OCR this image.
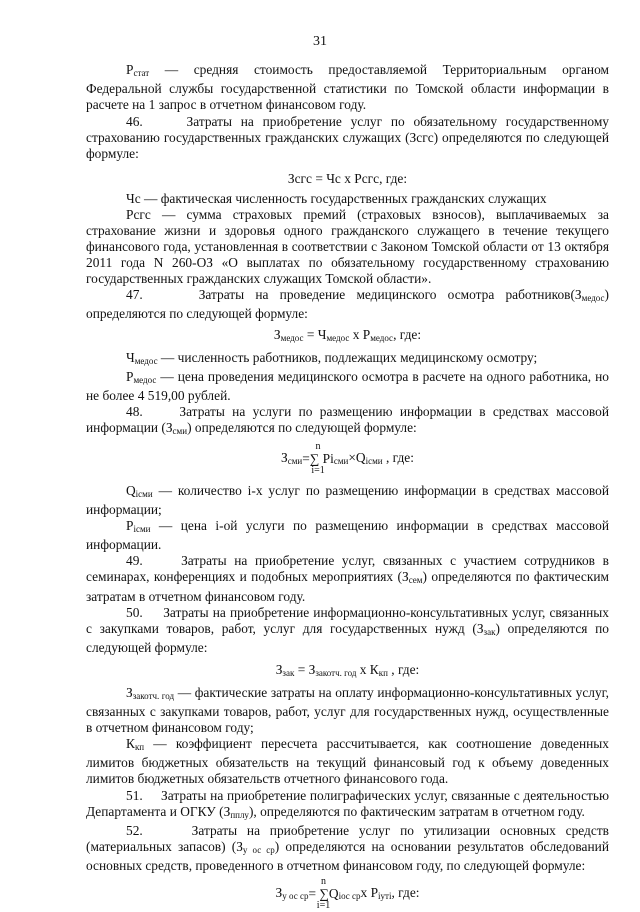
31

Рстат — средняя стоимость предоставляемой Территориальным органом Федеральной службы государственной статистики по Томской области информации в расчете на 1 запрос в отчетном финансовом году.

46.     Затраты на приобретение услуг по обязательному государственному страхованию государственных гражданских служащих (Зсгс) определяются по следующей формуле:

Зсгс = Чс х Рсгс, где:

Чс — фактическая численность государственных гражданских служащих

Рсгс — сумма страховых премий (страховых взносов), выплачиваемых за страхование жизни и здоровья одного гражданского служащего в течение текущего финансового года, установленная в соответствии с Законом Томской области от 13 октября 2011 года N 260-ОЗ «О выплатах по обязательному государственному страхованию государственных гражданских служащих Томской области».

47.     Затраты на проведение медицинского осмотра работников(Змедос) определяются по следующей формуле:

Змедос = Чмедос х Рмедос, где:

Чмедос — численность работников, подлежащих медицинскому осмотру;

Рмедос — цена проведения медицинского осмотра в расчете на одного работника, но не более 4 519,00 рублей.

48.     Затраты на услуги по размещению информации в средствах массовой информации (Зсми) определяются по следующей формуле:

Зсми
n
=∑ Рi
i=1
сми×Qiсми , где:

Qiсми — количество i-х услуг по размещению информации в средствах массовой информации;

Piсми — цена i-ой услуги по размещению информации в средствах массовой информации.

49.     Затраты на приобретение услуг, связанных с участием сотрудников в семинарах, конференциях и подобных мероприятиях (Зсем) определяются по фактическим затратам в отчетном финансовом году.

50.     Затраты на приобретение информационно-консультативных услуг, связанных с закупками товаров, работ, услуг для государственных нужд (Ззак) определяются по следующей формуле:

Ззак = Ззакотч. год х Ккп , где:

Ззакотч. год — фактические затраты на оплату информационно-консультативных услуг, связанных с закупками товаров, работ, услуг для государственных нужд, осуществленные в отчетном финансовом году;

Ккп — коэффициент пересчета рассчитывается, как соотношение доведенных лимитов бюджетных обязательств на текущий финансовый год к объему доведенных лимитов бюджетных обязательств отчетного финансового года.

51.     Затраты на приобретение полиграфических услуг, связанные с деятельностью Департамента и ОГКУ (Зпплу), определяются по фактическим затратам в отчетном году.

52.     Затраты на приобретение услуг по утилизации основных средств (материальных запасов) (Зу ос ср) определяются на основании результатов обследований основных средств, проведенного в отчетном финансовом году, по следующей формуле:

Зу ос ср
n
= ∑Q
i=1
iос срх Рiутi, где:
